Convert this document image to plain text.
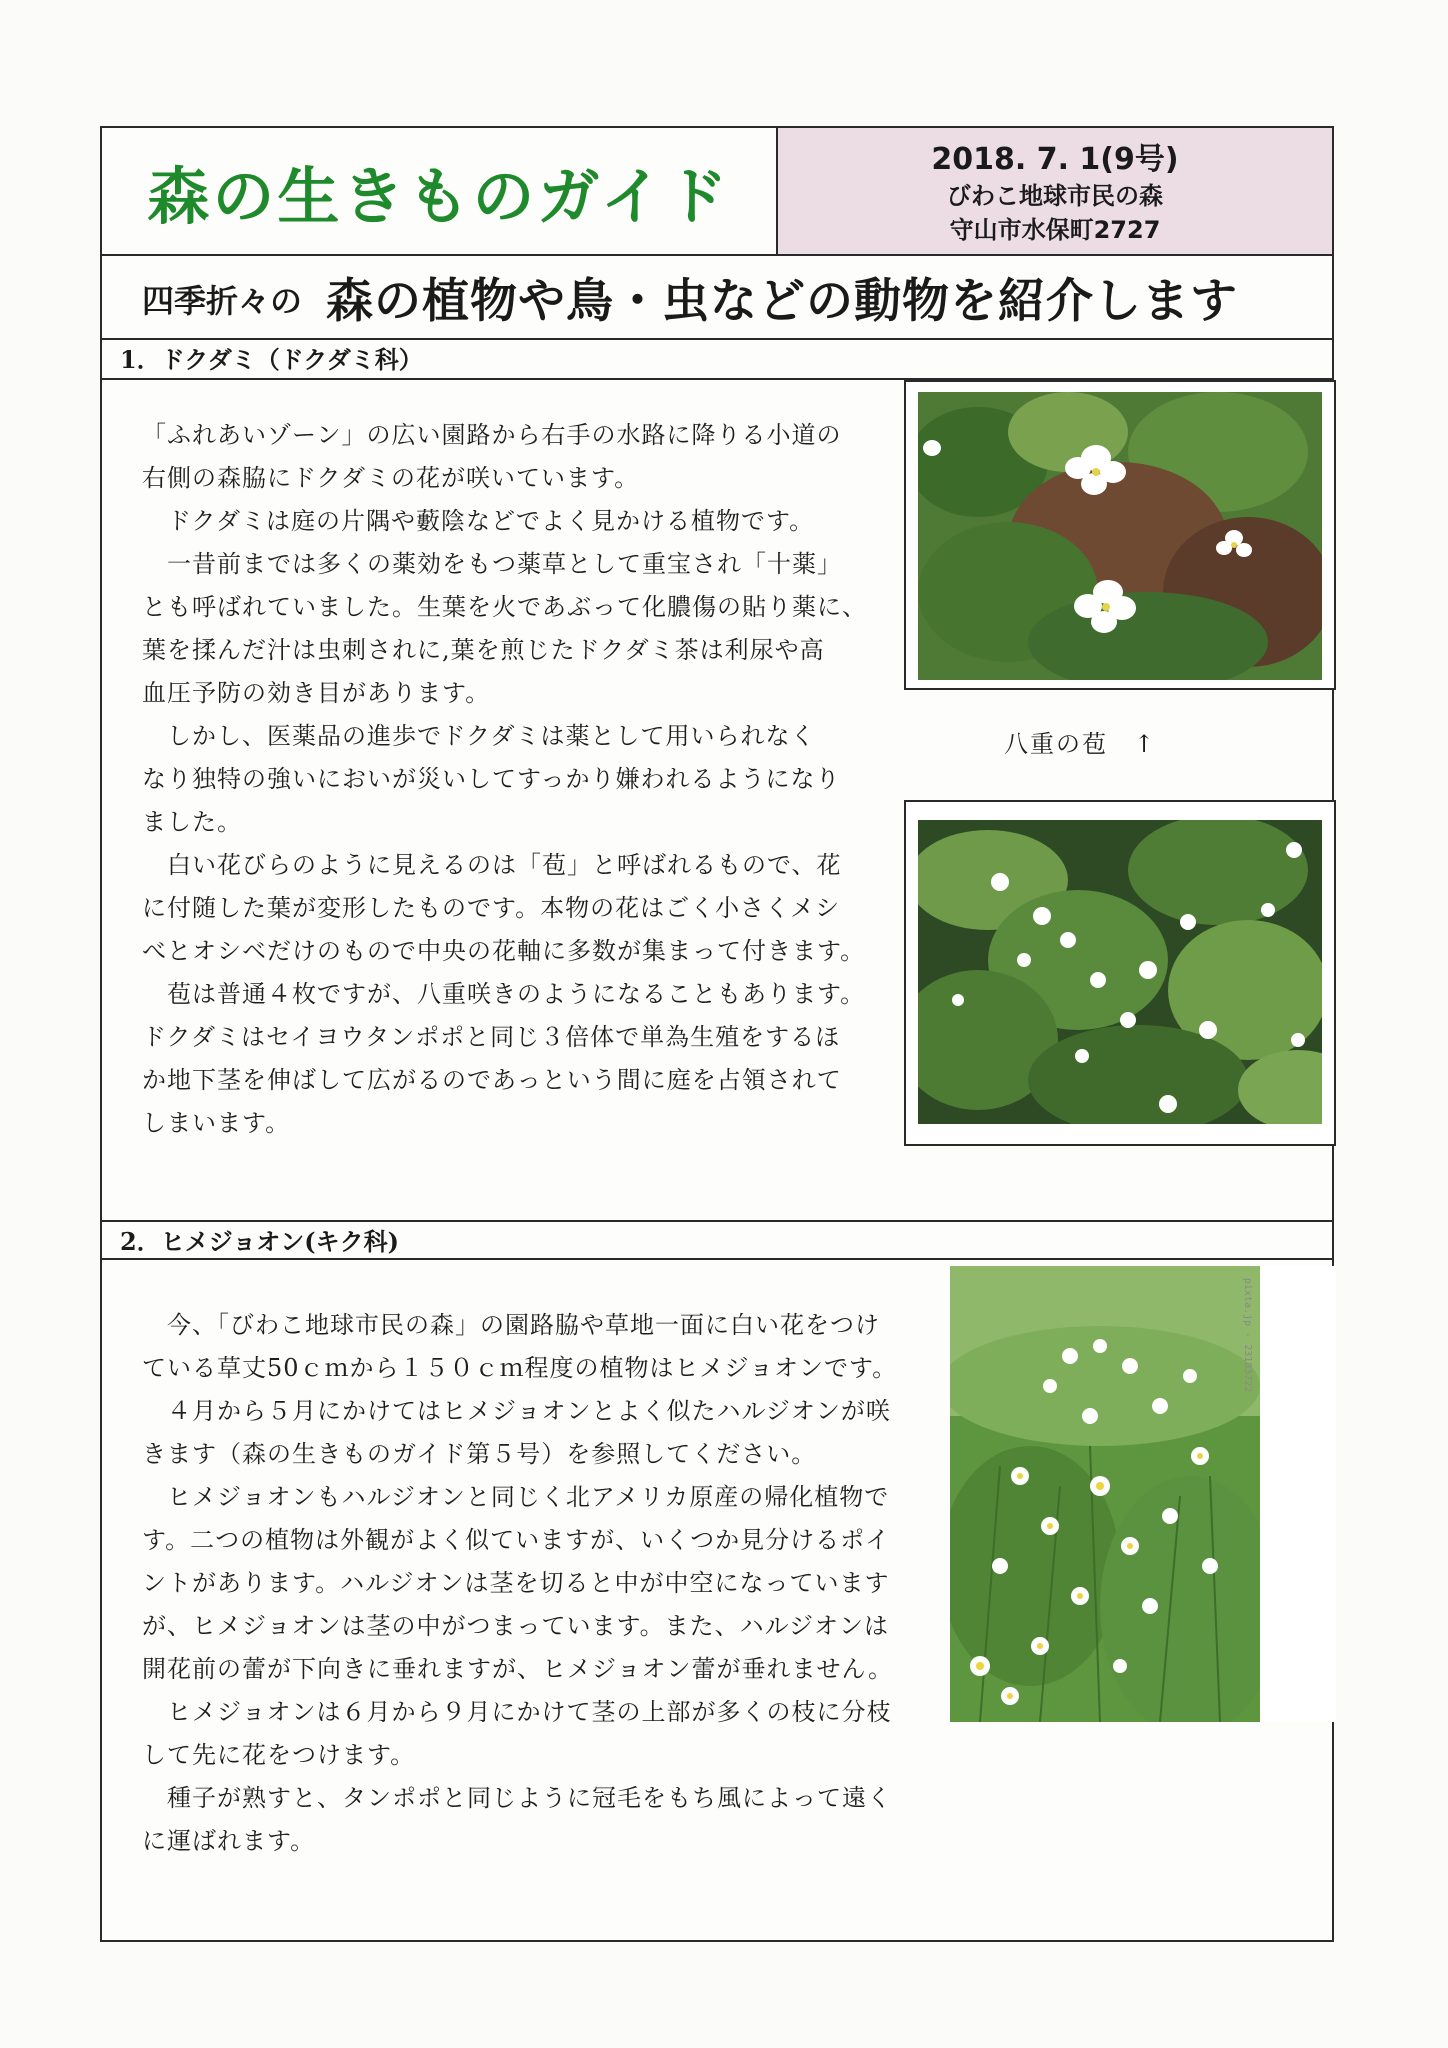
森の生きものガイド	2018. 7. 1(9号)
びわこ地球市民の森
守山市水保町2727
四季折々の 森の植物や鳥・虫などの動物を紹介します
1．ドクダミ（ドクダミ科）

「ふれあいゾーン」の広い園路から右手の水路に降りる小道の

右側の森脇にドクダミの花が咲いています。

　ドクダミは庭の片隅や藪陰などでよく見かける植物です。

　一昔前までは多くの薬効をもつ薬草として重宝され「十薬」

とも呼ばれていました。生葉を火であぶって化膿傷の貼り薬に、

葉を揉んだ汁は虫刺されに,葉を煎じたドクダミ茶は利尿や高

血圧予防の効き目があります。

　しかし、医薬品の進歩でドクダミは薬として用いられなく

なり独特の強いにおいが災いしてすっかり嫌われるようになり

ました。

　白い花びらのように見えるのは「苞」と呼ばれるもので、花

に付随した葉が変形したものです。本物の花はごく小さくメシ

べとオシベだけのもので中央の花軸に多数が集まって付きます。

　苞は普通４枚ですが、八重咲きのようになることもあります。

ドクダミはセイヨウタンポポと同じ３倍体で単為生殖をするほ

か地下茎を伸ばして広がるのであっという間に庭を占領されて

しまいます。

八重の苞　↑
2．ヒメジョオン(キク科)

　今、「びわこ地球市民の森」の園路脇や草地一面に白い花をつけ

ている草丈50ｃｍから１５０ｃｍ程度の植物はヒメジョオンです。

　４月から５月にかけてはヒメジョオンとよく似たハルジオンが咲

きます（森の生きものガイド第５号）を参照してください。

　ヒメジョオンもハルジオンと同じく北アメリカ原産の帰化植物で

す。二つの植物は外観がよく似ていますが、いくつか見分けるポイ

ントがあります。ハルジオンは茎を切ると中が中空になっています

が、ヒメジョオンは茎の中がつまっています。また、ハルジオンは

開花前の蕾が下向きに垂れますが、ヒメジョオン蕾が垂れません。

　ヒメジョオンは６月から９月にかけて茎の上部が多くの枝に分枝

して先に花をつけます。

　種子が熟すと、タンポポと同じように冠毛をもち風によって遠く

に運ばれます。

pixta.jp - 23183722
